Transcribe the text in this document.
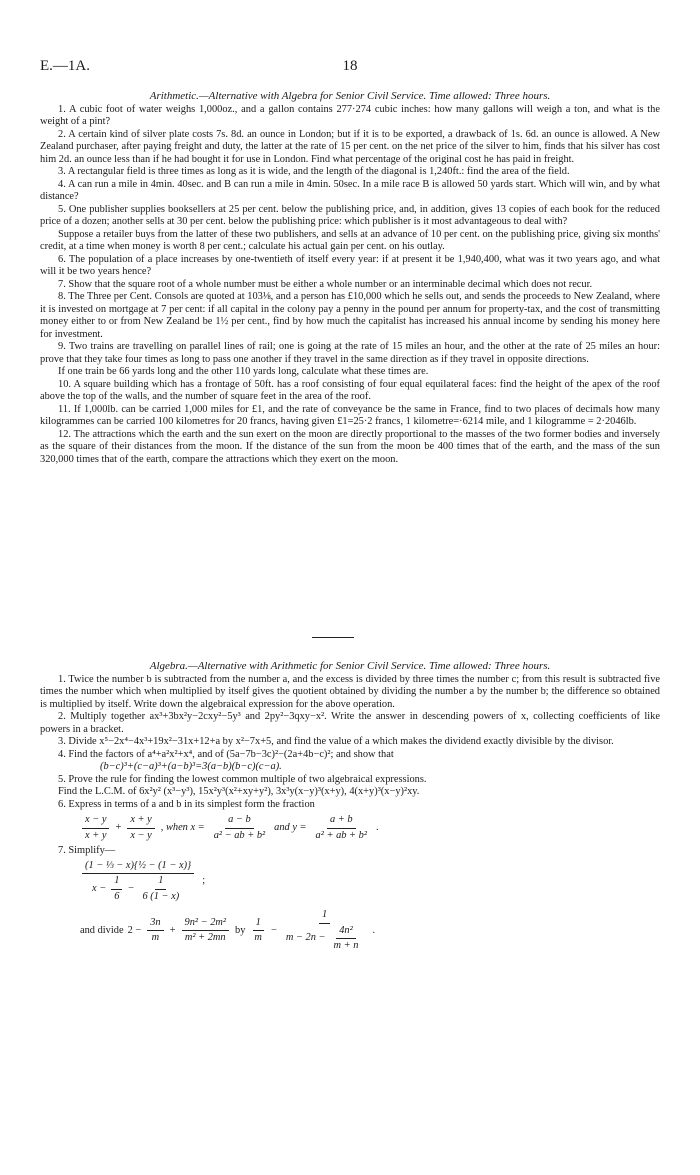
E.—1A.	18

Arithmetic.—Alternative with Algebra for Senior Civil Service. Time allowed: Three hours.

1. A cubic foot of water weighs 1,000oz., and a gallon contains 277·274 cubic inches: how many gallons will weigh a ton, and what is the weight of a pint?

2. A certain kind of silver plate costs 7s. 8d. an ounce in London; but if it is to be exported, a drawback of 1s. 6d. an ounce is allowed. A New Zealand purchaser, after paying freight and duty, the latter at the rate of 15 per cent. on the net price of the silver to him, finds that his silver has cost him 2d. an ounce less than if he had bought it for use in London. Find what percentage of the original cost he has paid in freight.

3. A rectangular field is three times as long as it is wide, and the length of the diagonal is 1,240ft.: find the area of the field.

4. A can run a mile in 4min. 40sec. and B can run a mile in 4min. 50sec. In a mile race B is allowed 50 yards start. Which will win, and by what distance?

5. One publisher supplies booksellers at 25 per cent. below the publishing price, and, in addition, gives 13 copies of each book for the reduced price of a dozen; another sells at 30 per cent. below the publishing price: which publisher is it most advantageous to deal with?

Suppose a retailer buys from the latter of these two publishers, and sells at an advance of 10 per cent. on the publishing price, giving six months' credit, at a time when money is worth 8 per cent.; calculate his actual gain per cent. on his outlay.

6. The population of a place increases by one-twentieth of itself every year: if at present it be 1,940,400, what was it two years ago, and what will it be two years hence?

7. Show that the square root of a whole number must be either a whole number or an interminable decimal which does not recur.

8. The Three per Cent. Consols are quoted at 103⅛, and a person has £10,000 which he sells out, and sends the proceeds to New Zealand, where it is invested on mortgage at 7 per cent: if all capital in the colony pay a penny in the pound per annum for property-tax, and the cost of transmitting money either to or from New Zealand be 1½ per cent., find by how much the capitalist has increased his annual income by sending his money here for investment.

9. Two trains are travelling on parallel lines of rail; one is going at the rate of 15 miles an hour, and the other at the rate of 25 miles an hour: prove that they take four times as long to pass one another if they travel in the same direction as if they travel in opposite directions.

If one train be 66 yards long and the other 110 yards long, calculate what these times are.

10. A square building which has a frontage of 50ft. has a roof consisting of four equal equilateral faces: find the height of the apex of the roof above the top of the walls, and the number of square feet in the area of the roof.

11. If 1,000lb. can be carried 1,000 miles for £1, and the rate of conveyance be the same in France, find to two places of decimals how many kilogrammes can be carried 100 kilometres for 20 francs, having given £1=25·2 francs, 1 kilometre=·6214 mile, and 1 kilogramme = 2·2046lb.

12. The attractions which the earth and the sun exert on the moon are directly proportional to the masses of the two former bodies and inversely as the square of their distances from the moon. If the distance of the sun from the moon be 400 times that of the earth, and the mass of the sun 320,000 times that of the earth, compare the attractions which they exert on the moon.

Algebra.—Alternative with Arithmetic for Senior Civil Service. Time allowed: Three hours.

1. Twice the number b is subtracted from the number a, and the excess is divided by three times the number c; from this result is subtracted five times the number which when multiplied by itself gives the quotient obtained by dividing the number a by the number b; the difference so obtained is multiplied by itself. Write down the algebraical expression for the above operation.

2. Multiply together ax³+3bx²y−2cxy²−5y³ and 2py²−3qxy−x². Write the answer in descending powers of x, collecting coefficients of like powers in a bracket.

3. Divide x⁵−2x⁴−4x³+19x²−31x+12+a by x²−7x+5, and find the value of a which makes the dividend exactly divisible by the divisor.

4. Find the factors of a⁴+a²x²+x⁴, and of (5a−7b−3c)²−(2a+4b−c)²; and show that

(b−c)³+(c−a)³+(a−b)³=3(a−b)(b−c)(c−a).

5. Prove the rule for finding the lowest common multiple of two algebraical expressions.

Find the L.C.M. of 6x²y² (x³−y³), 15x²y³(x²+xy+y²), 3x³y(x−y)³(x+y), 4(x+y)³(x−y)²xy.

6. Express in terms of a and b in its simplest form the fraction

$\frac{x - y}{x + y} + \frac{x + y}{x - y}$ , when $x = \frac{a - b}{\text{a² − ab + b²}}$ and $y = \frac{a + b}{\text{a² + ab + b²}}$ .

7. Simplify—

(1 − ⅓ − x){½ − (1 − x)}
$x - \frac{1}{6} - \frac{1}{6 (1 - x)}$ ;
and divide $2 - \frac{3n}{m} + \frac{\text{9n² − 2m²}}{\text{m² + 2mn}}$ by $\frac{1}{m} - \frac{1}{m - 2n - \frac{\text{4n²}}{m + n}}$ .
